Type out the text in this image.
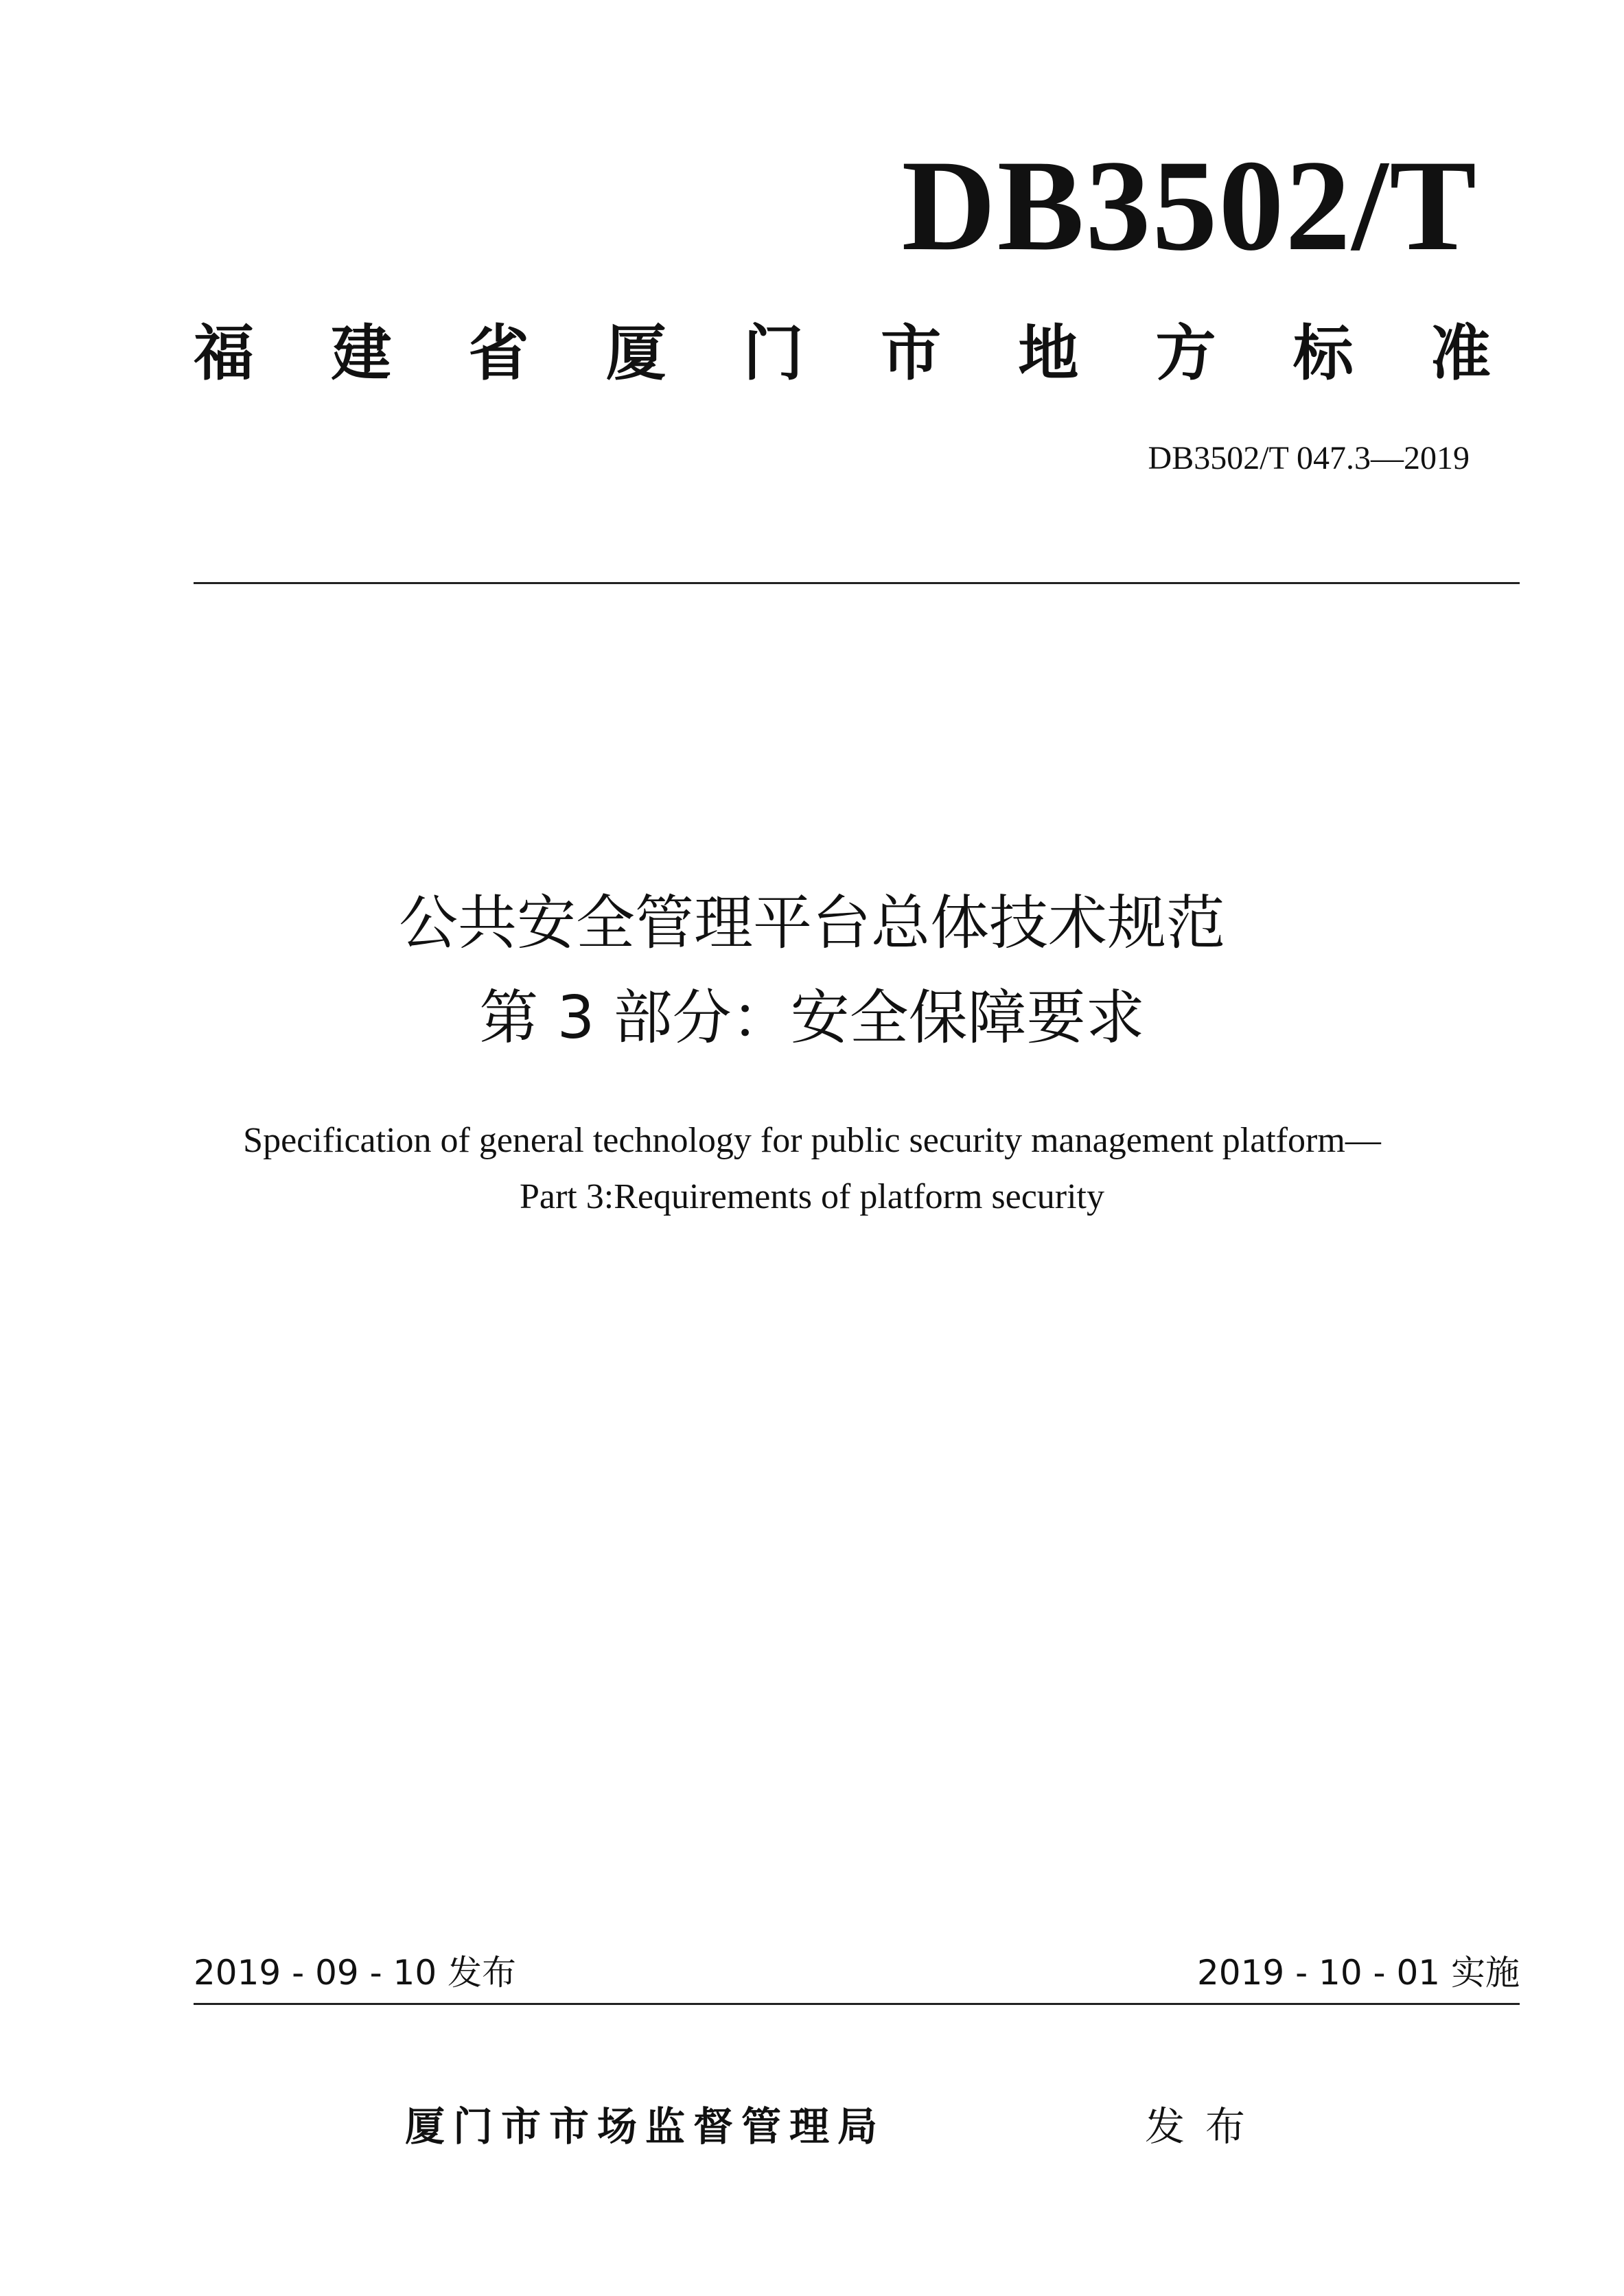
DB3502/T
福 建 省 厦 门 市 地 方 标 准
DB3502/T 047.3—2019
公共安全管理平台总体技术规范
第 3 部分：安全保障要求
Specification of general technology for public security management platform—
Part 3:Requirements of platform security
2019 - 09 - 10 发布	2019 - 10 - 01 实施
厦门市市场监督管理局	发布
